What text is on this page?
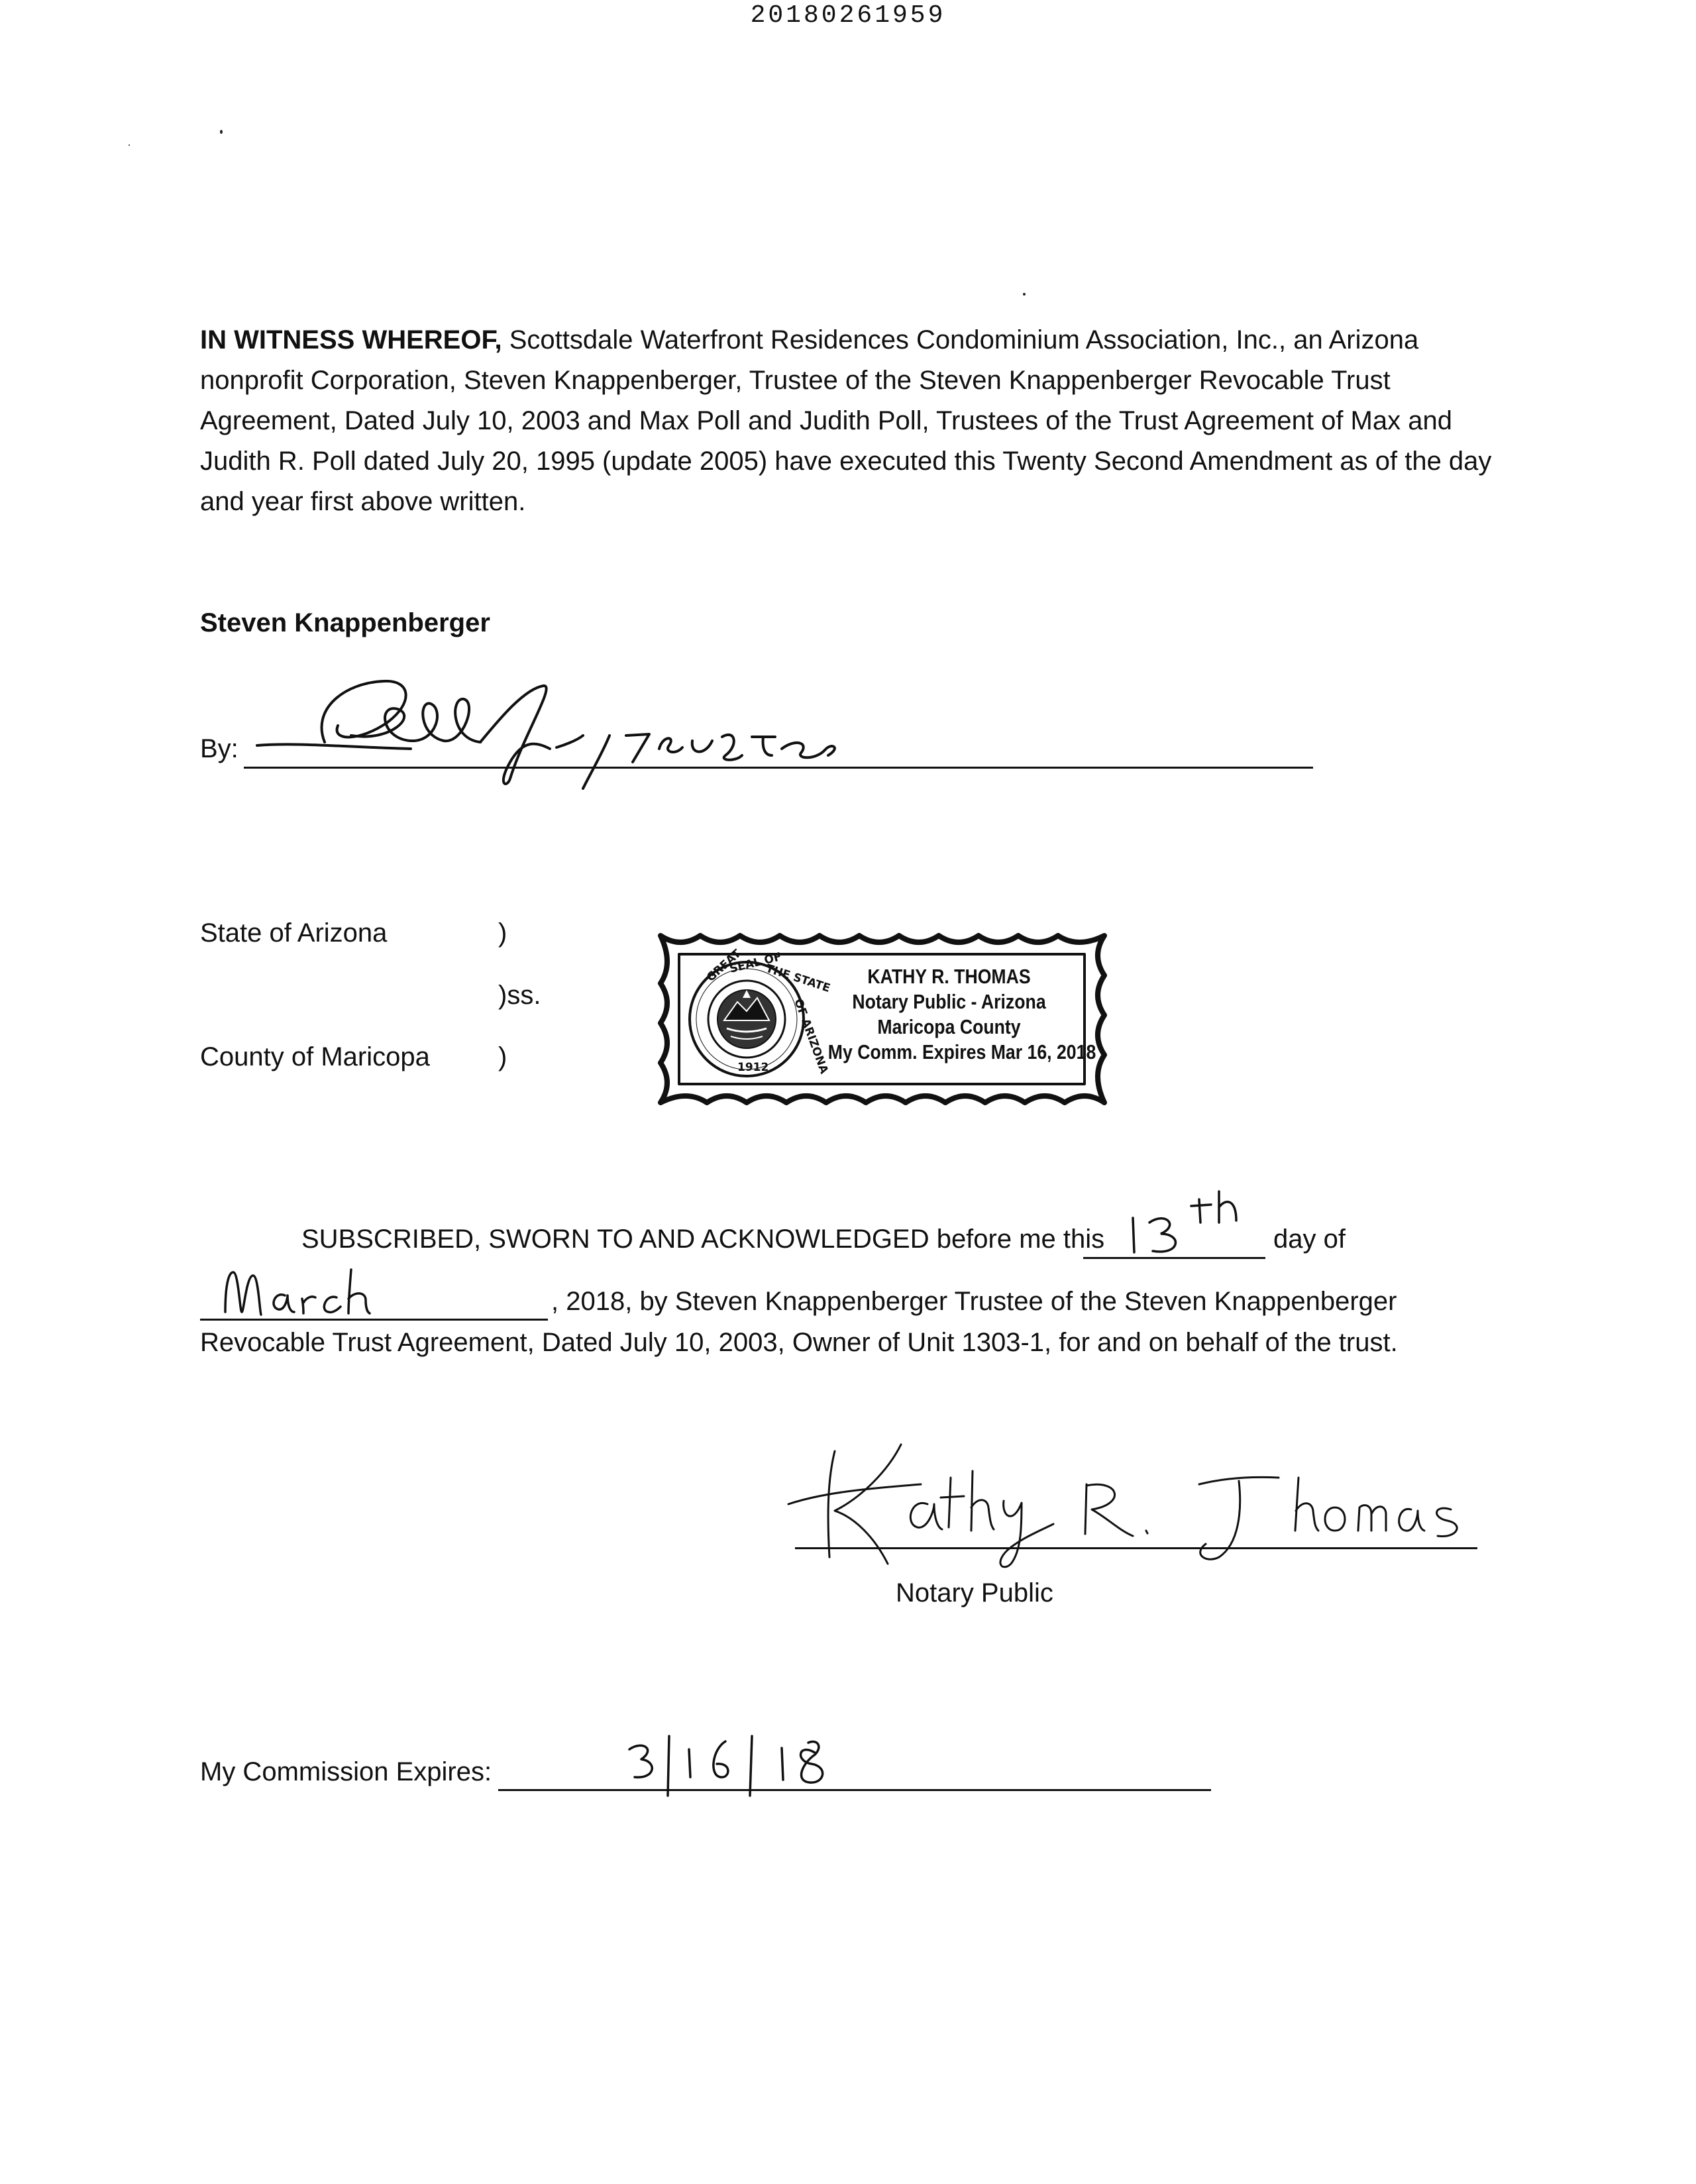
20180261959
IN WITNESS WHEREOF, Scottsdale Waterfront Residences Condominium Association, Inc., an Arizona nonprofit Corporation, Steven Knappenberger, Trustee of the Steven Knappenberger Revocable Trust Agreement, Dated July 10, 2003 and Max Poll and Judith Poll, Trustees of the Trust Agreement of Max and Judith R. Poll dated July 20, 1995 (update 2005) have executed this Twenty Second Amendment as of the day and year first above written.
Steven Knappenberger
By:
State of Arizona	)
)ss.
County of Maricopa	)
GREAT
SEAL OF
THE STATE
OF ARIZONA
1912
KATHY R. THOMAS
Notary Public - Arizona
Maricopa County
My Comm. Expires Mar 16, 2018
SUBSCRIBED, SWORN TO AND ACKNOWLEDGED before me this	day of
, 2018, by Steven Knappenberger Trustee of the Steven Knappenberger
Revocable Trust Agreement, Dated July 10, 2003, Owner of Unit 1303-1, for and on behalf of the trust.
Notary Public
My Commission Expires:
